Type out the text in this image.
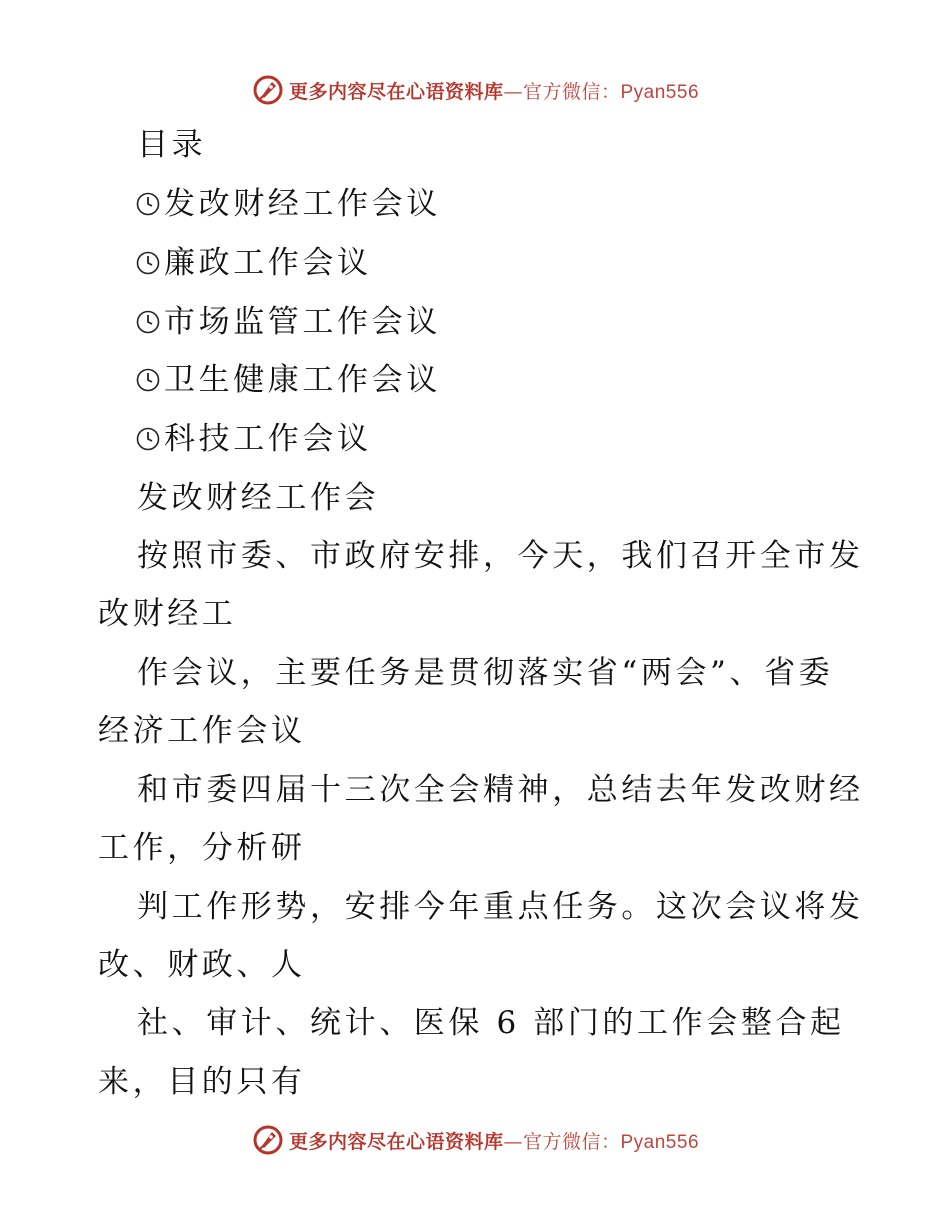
更多内容尽在心语资料库—官方微信：Pyan556
目录
发改财经工作会议
廉政工作会议
市场监管工作会议
卫生健康工作会议
科技工作会议
发改财经工作会
按照市委、市政府安排，今天，我们召开全市发
改财经工
作会议，主要任务是贯彻落实省“两会”、省委
经济工作会议
和市委四届十三次全会精神，总结去年发改财经
工作，分析研
判工作形势，安排今年重点任务。这次会议将发
改、财政、人
社、审计、统计、医保 6 部门的工作会整合起
来，目的只有
更多内容尽在心语资料库—官方微信：Pyan556
